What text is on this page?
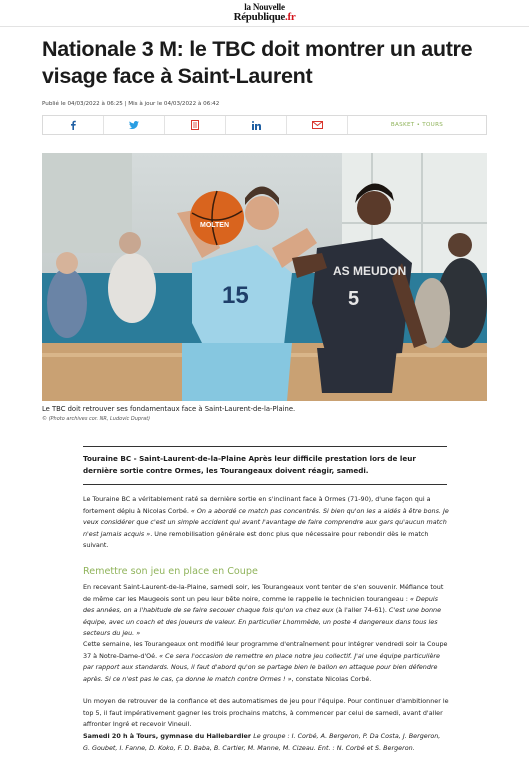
la Nouvelle
République.fr
Nationale 3 M: le TBC doit montrer un autre visage face à Saint-Laurent
Publié le 04/03/2022 à 06:25 | Mis à jour le 04/03/2022 à 06:42
BASKET • TOURS
15
MOLTEN
AS MEUDON
5
Le TBC doit retrouver ses fondamentaux face à Saint-Laurent-de-la-Plaine.
© (Photo archives cor. NR, Ludovic Duprat)

Touraine BC - Saint-Laurent-de-la-Plaine Après leur difficile prestation lors de leur dernière sortie contre Ormes, les Tourangeaux doivent réagir, samedi.

Le Touraine BC a véritablement raté sa dernière sortie en s'inclinant face à Ormes (71-90), d'une façon qui a fortement déplu à Nicolas Corbé. « On a abordé ce match pas concentrés. Si bien qu'on les a aidés à être bons. Je veux considérer que c'est un simple accident qui avant l'avantage de faire comprendre aux gars qu'aucun match n'est jamais acquis ». Une remobilisation générale est donc plus que nécessaire pour rebondir dès le match suivant.

Remettre son jeu en place en Coupe

En recevant Saint-Laurent-de-la-Plaine, samedi soir, les Tourangeaux vont tenter de s'en souvenir. Méfiance tout de même car les Maugeois sont un peu leur bête noire, comme le rappelle le technicien tourangeau : « Depuis des années, on a l'habitude de se faire secouer chaque fois qu'on va chez eux (à l'aller 74-61). C'est une bonne équipe, avec un coach et des joueurs de valeur. En particulier Lhommède, un poste 4 dangereux dans tous les secteurs du jeu. »

Cette semaine, les Tourangeaux ont modifié leur programme d'entraînement pour intégrer vendredi soir la Coupe 37 à Notre-Dame-d'Oé. « Ce sera l'occasion de remettre en place notre jeu collectif. J'ai une équipe particulière par rapport aux standards. Nous, il faut d'abord qu'on se partage bien le ballon en attaque pour bien défendre après. Si ce n'est pas le cas, ça donne le match contre Ormes ! », constate Nicolas Corbé.

Un moyen de retrouver de la confiance et des automatismes de jeu pour l'équipe. Pour continuer d'ambitionner le top 5, il faut impérativement gagner les trois prochains matchs, à commencer par celui de samedi, avant d'aller affronter Ingré et recevoir Vineuil.

Samedi 20 h à Tours, gymnase du Hallebardier Le groupe : I. Corbé, A. Bergeron, P. Da Costa, J. Bergeron, G. Goubet, I. Fanne, D. Koko, F. D. Baba, B. Cartier, M. Manne, M. Cizeau. Ent. : N. Corbé et S. Bergeron.
